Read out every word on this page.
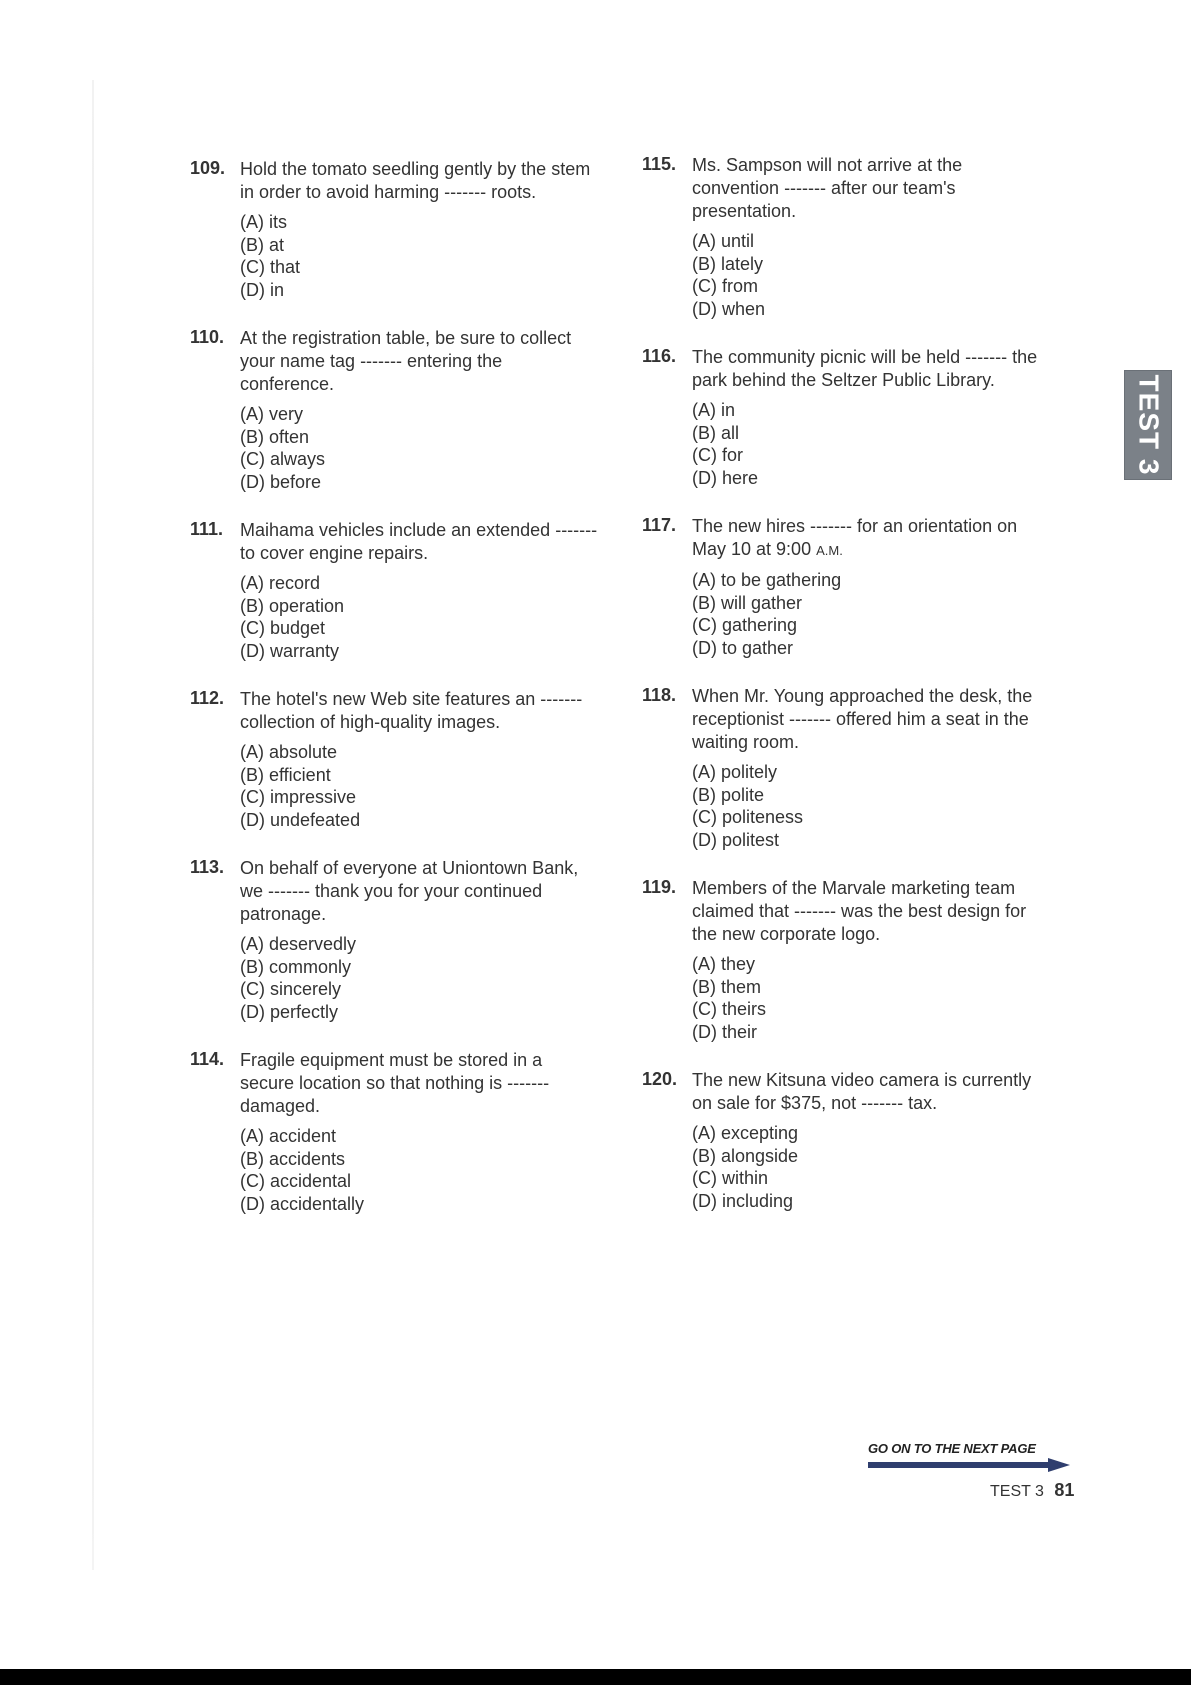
109. Hold the tomato seedling gently by the stem in order to avoid harming ------- roots.

(A) its
(B) at
(C) that
(D) in
110. At the registration table, be sure to collect your name tag ------- entering the conference.

(A) very
(B) often
(C) always
(D) before
111. Maihama vehicles include an extended ------- to cover engine repairs.

(A) record
(B) operation
(C) budget
(D) warranty
112. The hotel's new Web site features an ------- collection of high-quality images.

(A) absolute
(B) efficient
(C) impressive
(D) undefeated
113. On behalf of everyone at Uniontown Bank, we ------- thank you for your continued patronage.

(A) deservedly
(B) commonly
(C) sincerely
(D) perfectly
114. Fragile equipment must be stored in a secure location so that nothing is ------- damaged.

(A) accident
(B) accidents
(C) accidental
(D) accidentally
115. Ms. Sampson will not arrive at the convention ------- after our team's presentation.

(A) until
(B) lately
(C) from
(D) when
116. The community picnic will be held ------- the park behind the Seltzer Public Library.

(A) in
(B) all
(C) for
(D) here
117. The new hires ------- for an orientation on May 10 at 9:00 A.M.

(A) to be gathering
(B) will gather
(C) gathering
(D) to gather
118. When Mr. Young approached the desk, the receptionist ------- offered him a seat in the waiting room.

(A) politely
(B) polite
(C) politeness
(D) politest
119. Members of the Marvale marketing team claimed that ------- was the best design for the new corporate logo.

(A) they
(B) them
(C) theirs
(D) their
120. The new Kitsuna video camera is currently on sale for $375, not ------- tax.

(A) excepting
(B) alongside
(C) within
(D) including
TEST 3
GO ON TO THE NEXT PAGE
TEST 3 81
